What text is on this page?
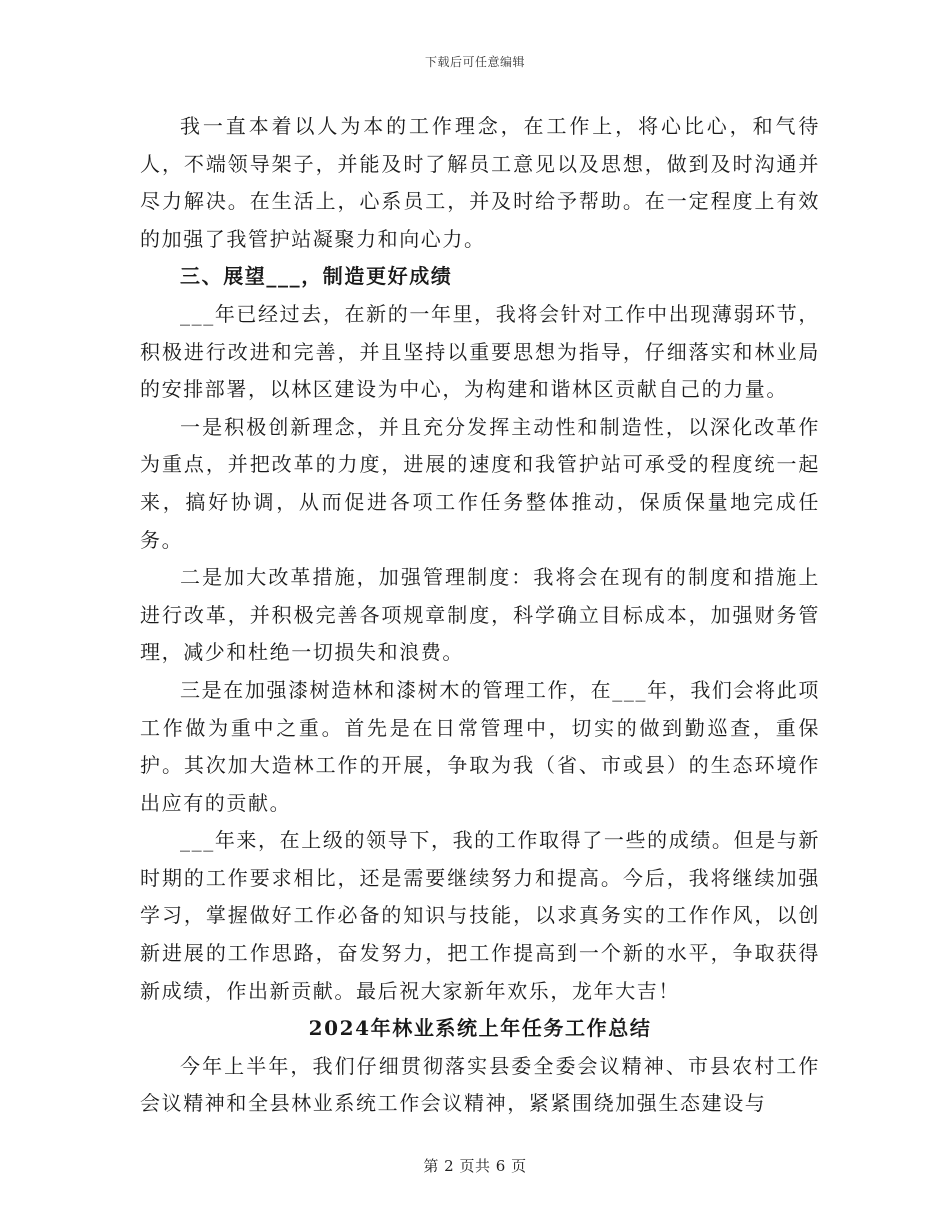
下载后可任意编辑

我一直本着以人为本的工作理念，在工作上，将心比心，和气待人，不端领导架子，并能及时了解员工意见以及思想，做到及时沟通并尽力解决。在生活上，心系员工，并及时给予帮助。在一定程度上有效的加强了我管护站凝聚力和向心力。

三、展望___，制造更好成绩

___年已经过去，在新的一年里，我将会针对工作中出现薄弱环节，积极进行改进和完善，并且坚持以重要思想为指导，仔细落实和林业局的安排部署，以林区建设为中心，为构建和谐林区贡献自己的力量。

一是积极创新理念，并且充分发挥主动性和制造性，以深化改革作为重点，并把改革的力度，进展的速度和我管护站可承受的程度统一起来，搞好协调，从而促进各项工作任务整体推动，保质保量地完成任务。

二是加大改革措施，加强管理制度：我将会在现有的制度和措施上进行改革，并积极完善各项规章制度，科学确立目标成本，加强财务管理，减少和杜绝一切损失和浪费。

三是在加强漆树造林和漆树木的管理工作，在___年，我们会将此项工作做为重中之重。首先是在日常管理中，切实的做到勤巡查，重保护。其次加大造林工作的开展，争取为我（省、市或县）的生态环境作出应有的贡献。

___年来，在上级的领导下，我的工作取得了一些的成绩。但是与新时期的工作要求相比，还是需要继续努力和提高。今后，我将继续加强学习，掌握做好工作必备的知识与技能，以求真务实的工作作风，以创新进展的工作思路，奋发努力，把工作提高到一个新的水平，争取获得新成绩，作出新贡献。最后祝大家新年欢乐，龙年大吉！

2024年林业系统上年任务工作总结

今年上半年，我们仔细贯彻落实县委全委会议精神、市县农村工作会议精神和全县林业系统工作会议精神，紧紧围绕加强生态建设与

第 2 页共 6 页
